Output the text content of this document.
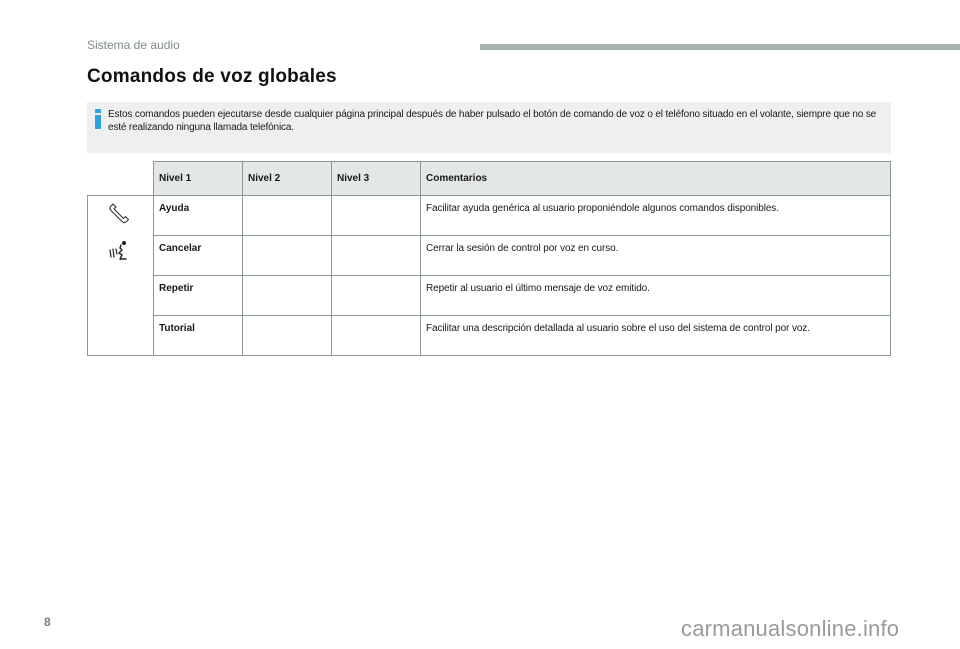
Sistema de audio
Comandos de voz globales

Estos comandos pueden ejecutarse desde cualquier página principal después de haber pulsado el botón de comando de voz o el teléfono situado en el volante, siempre que no se esté realizando ninguna llamada telefónica.

	Nivel 1	Nivel 2	Nivel 3	Comentarios

	Ayuda			Facilitar ayuda genérica al usuario proponiéndole algunos comandos disponibles.
	Cancelar			Cerrar la sesión de control por voz en curso.
	Repetir			Repetir al usuario el último mensaje de voz emitido.
	Tutorial			Facilitar una descripción detallada al usuario sobre el uso del sistema de control por voz.
8	carmanualsonline.info
